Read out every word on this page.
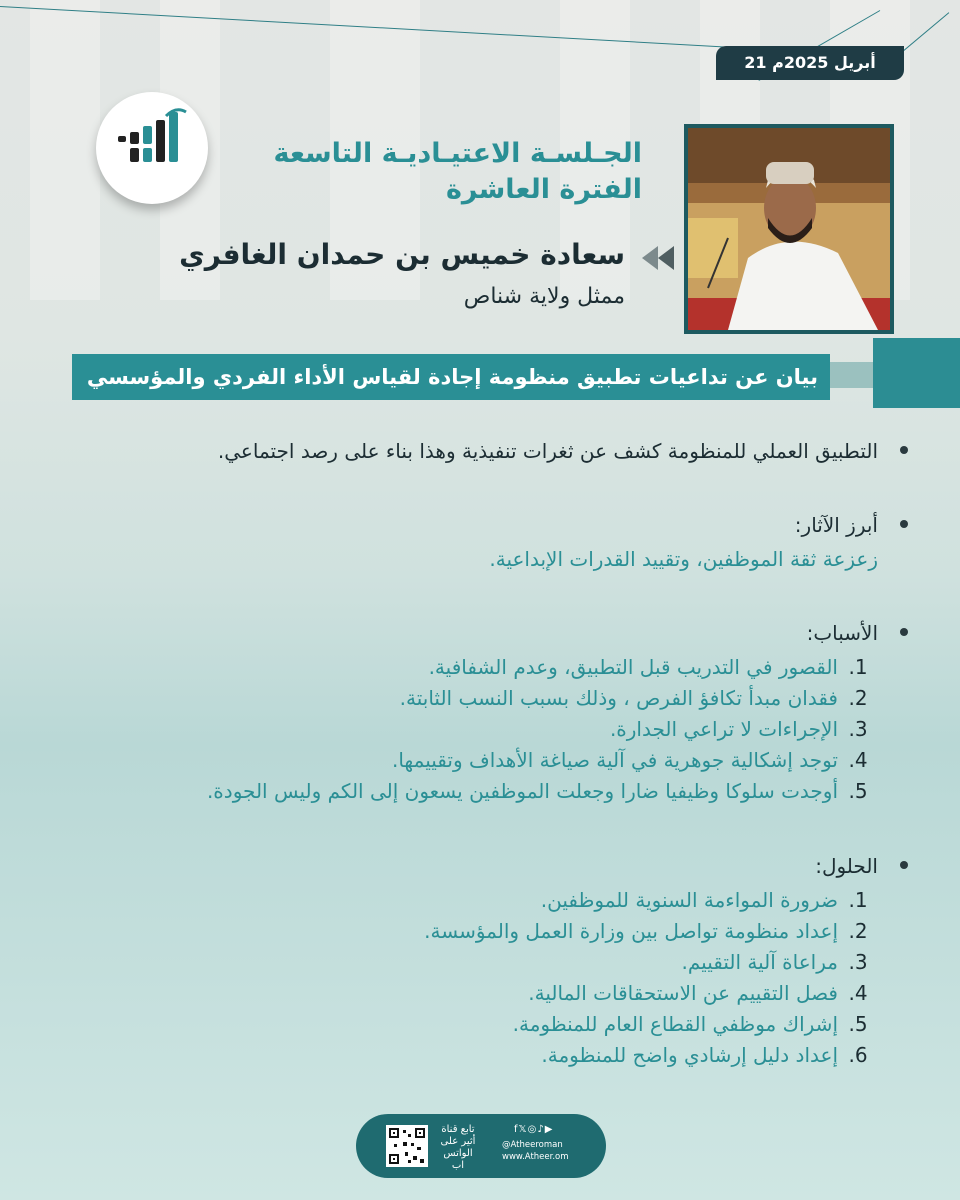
21 أبريل 2025م
الجـلسـة الاعتيـاديـة التاسعة
الفترة العاشرة
سعادة خميس بن حمدان الغافري
ممثل ولاية شناص
بيان عن تداعيات تطبيق منظومة إجادة لقياس الأداء الفردي والمؤسسي
التطبيق العملي للمنظومة كشف عن ثغرات تنفيذية وهذا بناء على رصد اجتماعي.
أبرز الآثار:
زعزعة ثقة الموظفين، وتقييد القدرات الإبداعية.
الأسباب:
1.
القصور في التدريب قبل التطبيق، وعدم الشفافية.
2.
فقدان مبدأ تكافؤ الفرص ، وذلك بسبب النسب الثابتة.
3.
الإجراءات لا تراعي الجدارة.
4.
توجد إشكالية جوهرية في آلية صياغة الأهداف وتقييمها.
5.
أوجدت سلوكا وظيفيا ضارا وجعلت الموظفين يسعون إلى الكم وليس الجودة.
الحلول:
1.
ضرورة المواءمة السنوية للموظفين.
2.
إعداد منظومة تواصل بين وزارة العمل والمؤسسة.
3.
مراعاة آلية التقييم.
4.
فصل التقييم عن الاستحقاقات المالية.
5.
إشراك موظفي القطاع العام للمنظومة.
6.
إعداد دليل إرشادي واضح للمنظومة.
تابع قناة أثير على الواتس اب
f𝕏◎♪▶
@Atheeroman
www.Atheer.om
